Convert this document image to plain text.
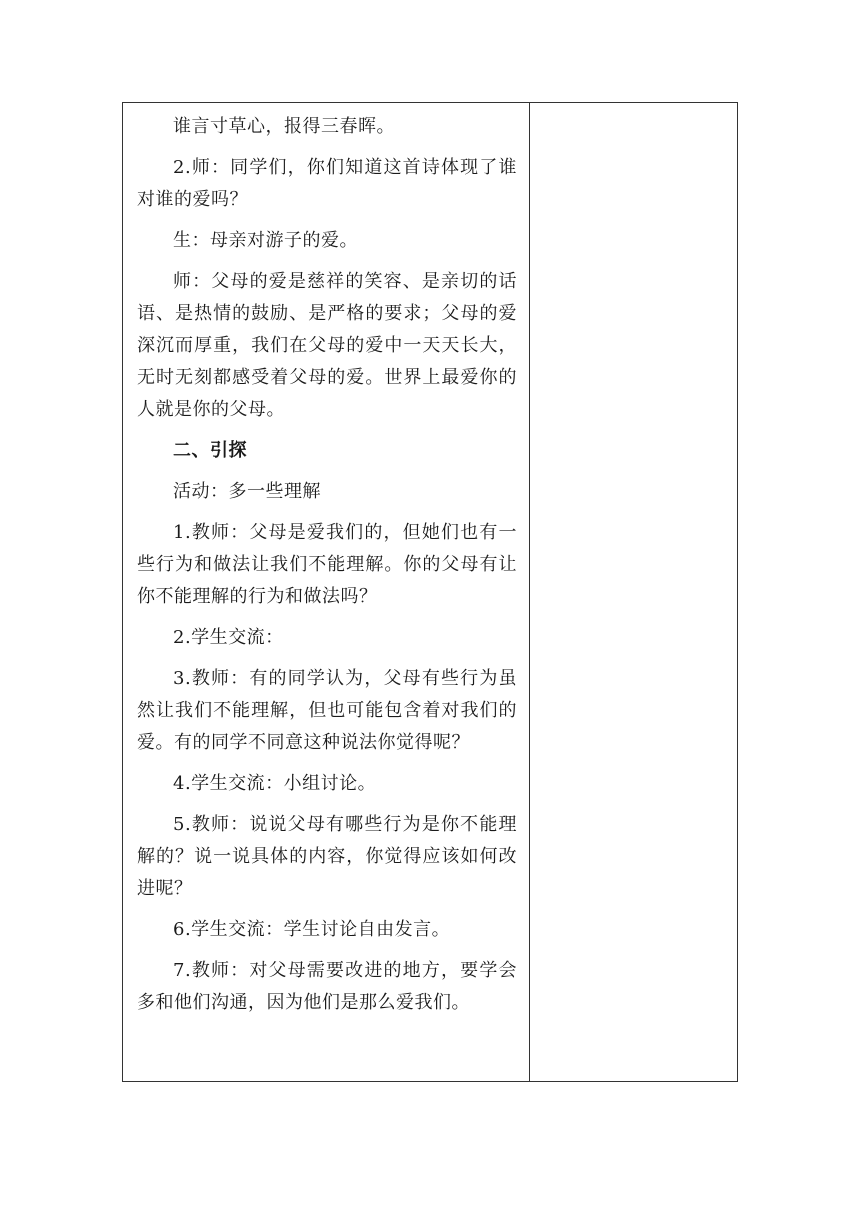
谁言寸草心，报得三春晖。

2.师：同学们，你们知道这首诗体现了谁对谁的爱吗？

生：母亲对游子的爱。

师：父母的爱是慈祥的笑容、是亲切的话语、是热情的鼓励、是严格的要求；父母的爱深沉而厚重，我们在父母的爱中一天天长大，无时无刻都感受着父母的爱。世界上最爱你的人就是你的父母。

二、引探

活动：多一些理解

1.教师：父母是爱我们的，但她们也有一些行为和做法让我们不能理解。你的父母有让你不能理解的行为和做法吗？

2.学生交流：

3.教师：有的同学认为，父母有些行为虽然让我们不能理解，但也可能包含着对我们的爱。有的同学不同意这种说法你觉得呢？

4.学生交流：小组讨论。

5.教师：说说父母有哪些行为是你不能理解的？说一说具体的内容，你觉得应该如何改进呢？

6.学生交流：学生讨论自由发言。

7.教师：对父母需要改进的地方，要学会多和他们沟通，因为他们是那么爱我们。
